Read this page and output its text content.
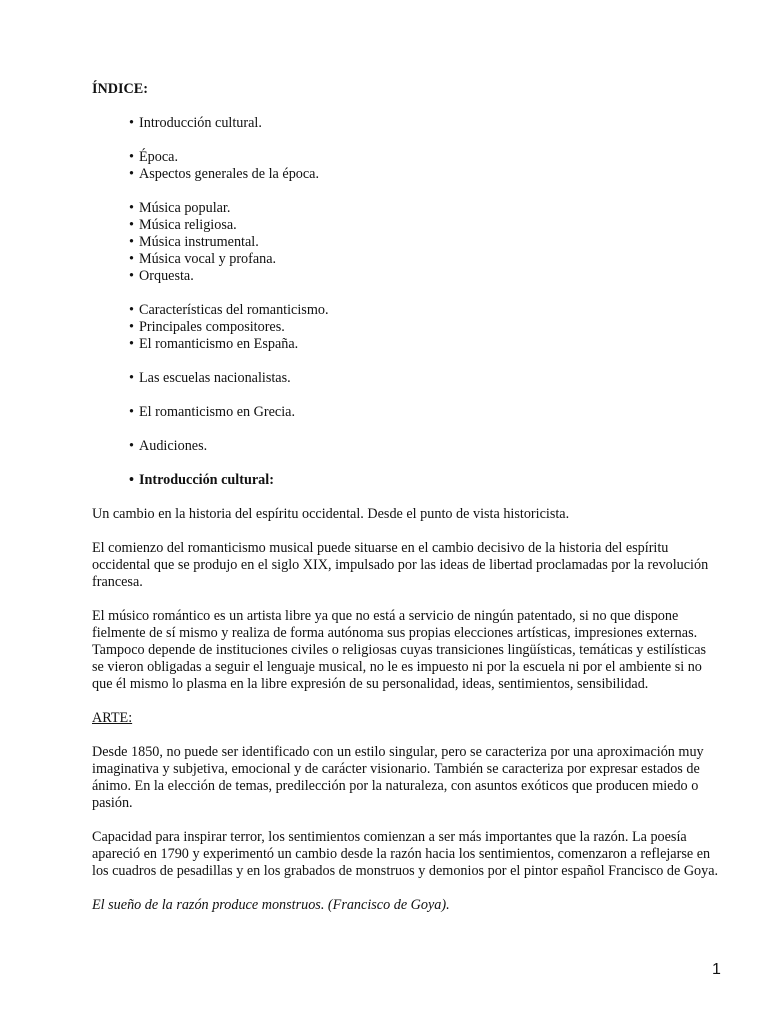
ÍNDICE:
• Introducción cultural.
• Época.
• Aspectos generales de la época.
• Música popular.
• Música religiosa.
• Música instrumental.
• Música vocal y profana.
• Orquesta.
• Características del romanticismo.
• Principales compositores.
• El romanticismo en España.
• Las escuelas nacionalistas.
• El romanticismo en Grecia.
• Audiciones.
• Introducción cultural:

Un cambio en la historia del espíritu occidental. Desde el punto de vista historicista.

El comienzo del romanticismo musical puede situarse en el cambio decisivo de la historia del espíritu occidental que se produjo en el siglo XIX, impulsado por las ideas de libertad proclamadas por la revolución francesa.

El músico romántico es un artista libre ya que no está a servicio de ningún patentado, si no que dispone fielmente de sí mismo y realiza de forma autónoma sus propias elecciones artísticas, impresiones externas. Tampoco depende de instituciones civiles o religiosas cuyas transiciones lingüísticas, temáticas y estilísticas se vieron obligadas a seguir el lenguaje musical, no le es impuesto ni por la escuela ni por el ambiente si no que él mismo lo plasma en la libre expresión de su personalidad, ideas, sentimientos, sensibilidad.

ARTE:

Desde 1850, no puede ser identificado con un estilo singular, pero se caracteriza por una aproximación muy imaginativa y subjetiva, emocional y de carácter visionario. También se caracteriza por expresar estados de ánimo. En la elección de temas, predilección por la naturaleza, con asuntos exóticos que producen miedo o pasión.

Capacidad para inspirar terror, los sentimientos comienzan a ser más importantes que la razón. La poesía apareció en 1790 y experimentó un cambio desde la razón hacia los sentimientos, comenzaron a reflejarse en los cuadros de pesadillas y en los grabados de monstruos y demonios por el pintor español Francisco de Goya.

El sueño de la razón produce monstruos. (Francisco de Goya).

1
